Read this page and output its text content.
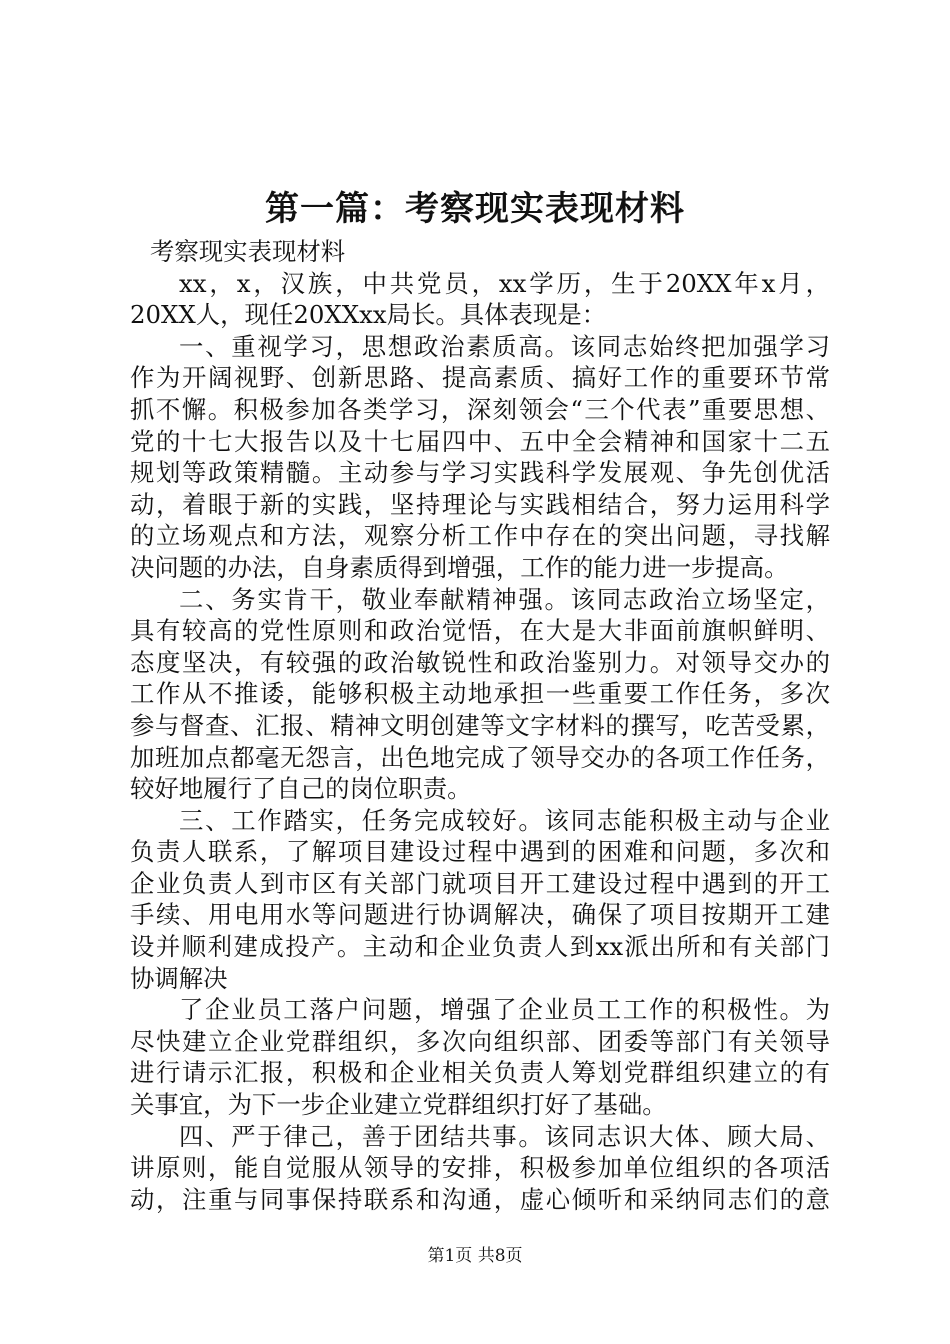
第一篇：考察现实表现材料
考察现实表现材料
xx，x，汉族，中共党员，xx学历，生于20XX年x月，
20XX人，现任20XXxx局长。具体表现是：
一、重视学习，思想政治素质高。该同志始终把加强学习
作为开阔视野、创新思路、提高素质、搞好工作的重要环节常
抓不懈。积极参加各类学习，深刻领会“三个代表”重要思想、
党的十七大报告以及十七届四中、五中全会精神和国家十二五
规划等政策精髓。主动参与学习实践科学发展观、争先创优活
动，着眼于新的实践，坚持理论与实践相结合，努力运用科学
的立场观点和方法，观察分析工作中存在的突出问题，寻找解
决问题的办法，自身素质得到增强，工作的能力进一步提高。
二、务实肯干，敬业奉献精神强。该同志政治立场坚定，
具有较高的党性原则和政治觉悟，在大是大非面前旗帜鲜明、
态度坚决，有较强的政治敏锐性和政治鉴别力。对领导交办的
工作从不推诿，能够积极主动地承担一些重要工作任务，多次
参与督查、汇报、精神文明创建等文字材料的撰写，吃苦受累，
加班加点都毫无怨言，出色地完成了领导交办的各项工作任务，
较好地履行了自己的岗位职责。
三、工作踏实，任务完成较好。该同志能积极主动与企业
负责人联系，了解项目建设过程中遇到的困难和问题，多次和
企业负责人到市区有关部门就项目开工建设过程中遇到的开工
手续、用电用水等问题进行协调解决，确保了项目按期开工建
设并顺利建成投产。主动和企业负责人到xx派出所和有关部门
协调解决
了企业员工落户问题，增强了企业员工工作的积极性。为
尽快建立企业党群组织，多次向组织部、团委等部门有关领导
进行请示汇报，积极和企业相关负责人筹划党群组织建立的有
关事宜，为下一步企业建立党群组织打好了基础。
四、严于律己，善于团结共事。该同志识大体、顾大局、
讲原则，能自觉服从领导的安排，积极参加单位组织的各项活
动，注重与同事保持联系和沟通，虚心倾听和采纳同志们的意
第1页 共8页
